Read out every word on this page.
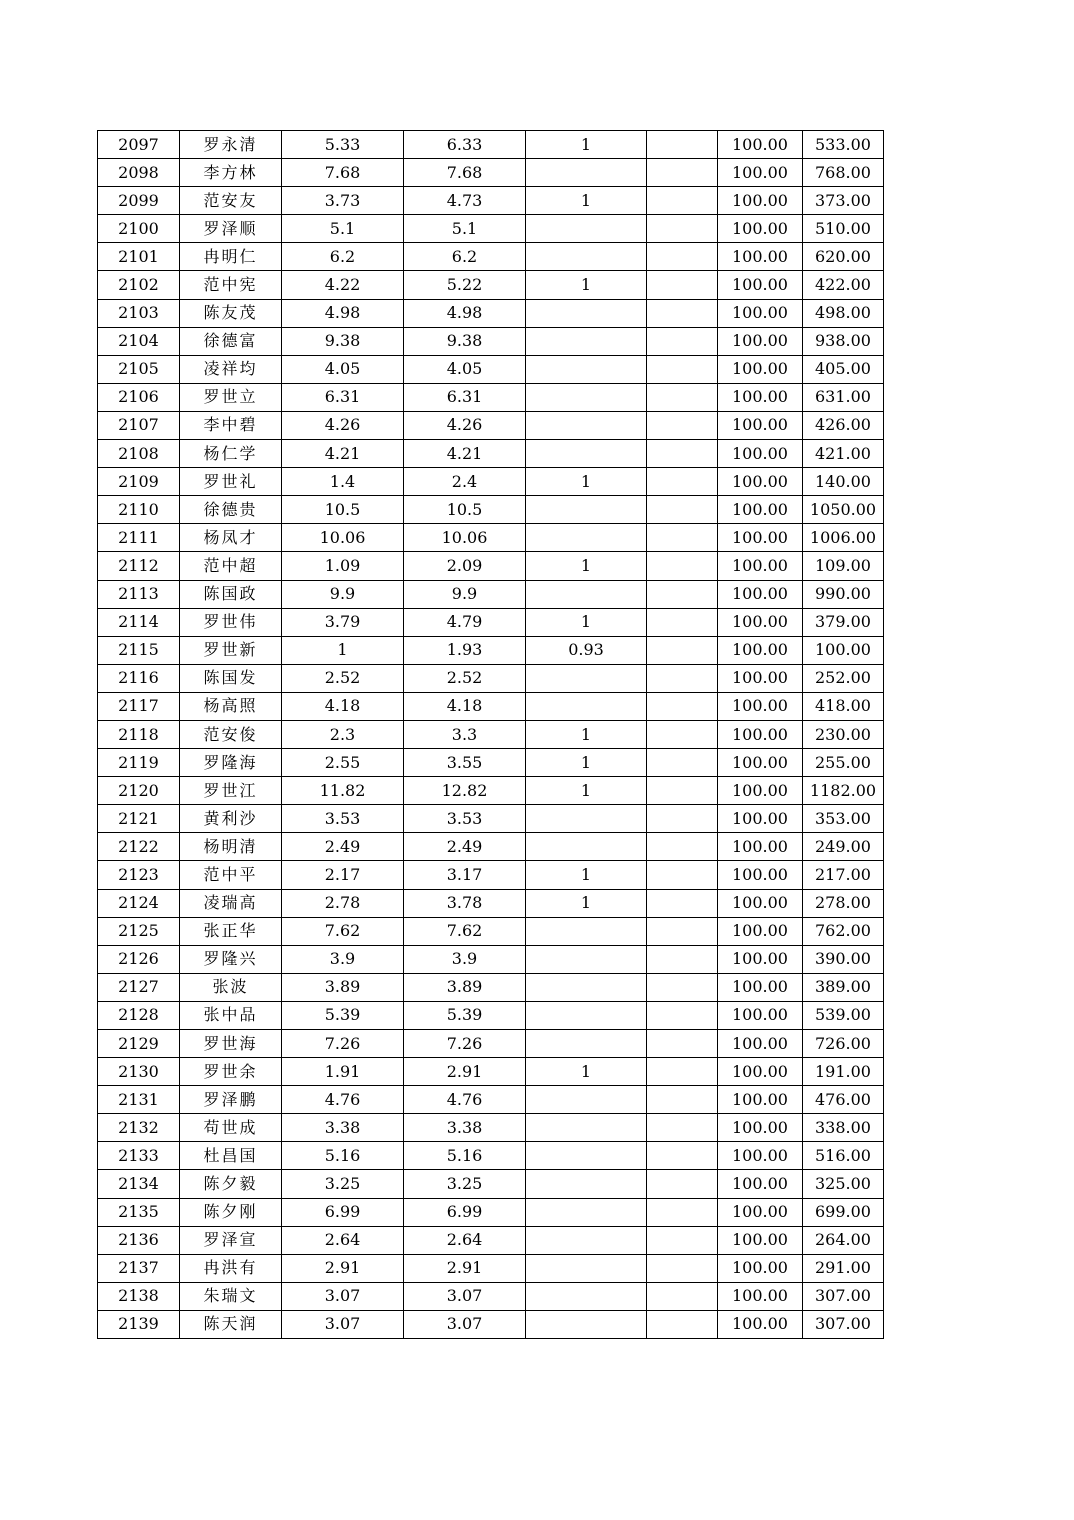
2097	罗永清	5.33	6.33	1		100.00	533.00
2098	李方林	7.68	7.68			100.00	768.00
2099	范安友	3.73	4.73	1		100.00	373.00
2100	罗泽顺	5.1	5.1			100.00	510.00
2101	冉明仁	6.2	6.2			100.00	620.00
2102	范中宪	4.22	5.22	1		100.00	422.00
2103	陈友茂	4.98	4.98			100.00	498.00
2104	徐德富	9.38	9.38			100.00	938.00
2105	凌祥均	4.05	4.05			100.00	405.00
2106	罗世立	6.31	6.31			100.00	631.00
2107	李中碧	4.26	4.26			100.00	426.00
2108	杨仁学	4.21	4.21			100.00	421.00
2109	罗世礼	1.4	2.4	1		100.00	140.00
2110	徐德贵	10.5	10.5			100.00	1050.00
2111	杨凤才	10.06	10.06			100.00	1006.00
2112	范中超	1.09	2.09	1		100.00	109.00
2113	陈国政	9.9	9.9			100.00	990.00
2114	罗世伟	3.79	4.79	1		100.00	379.00
2115	罗世新	1	1.93	0.93		100.00	100.00
2116	陈国发	2.52	2.52			100.00	252.00
2117	杨高照	4.18	4.18			100.00	418.00
2118	范安俊	2.3	3.3	1		100.00	230.00
2119	罗隆海	2.55	3.55	1		100.00	255.00
2120	罗世江	11.82	12.82	1		100.00	1182.00
2121	黄利沙	3.53	3.53			100.00	353.00
2122	杨明清	2.49	2.49			100.00	249.00
2123	范中平	2.17	3.17	1		100.00	217.00
2124	凌瑞高	2.78	3.78	1		100.00	278.00
2125	张正华	7.62	7.62			100.00	762.00
2126	罗隆兴	3.9	3.9			100.00	390.00
2127	张波	3.89	3.89			100.00	389.00
2128	张中品	5.39	5.39			100.00	539.00
2129	罗世海	7.26	7.26			100.00	726.00
2130	罗世余	1.91	2.91	1		100.00	191.00
2131	罗泽鹏	4.76	4.76			100.00	476.00
2132	苟世成	3.38	3.38			100.00	338.00
2133	杜昌国	5.16	5.16			100.00	516.00
2134	陈夕毅	3.25	3.25			100.00	325.00
2135	陈夕刚	6.99	6.99			100.00	699.00
2136	罗泽宣	2.64	2.64			100.00	264.00
2137	冉洪有	2.91	2.91			100.00	291.00
2138	朱瑞文	3.07	3.07			100.00	307.00
2139	陈天润	3.07	3.07			100.00	307.00
